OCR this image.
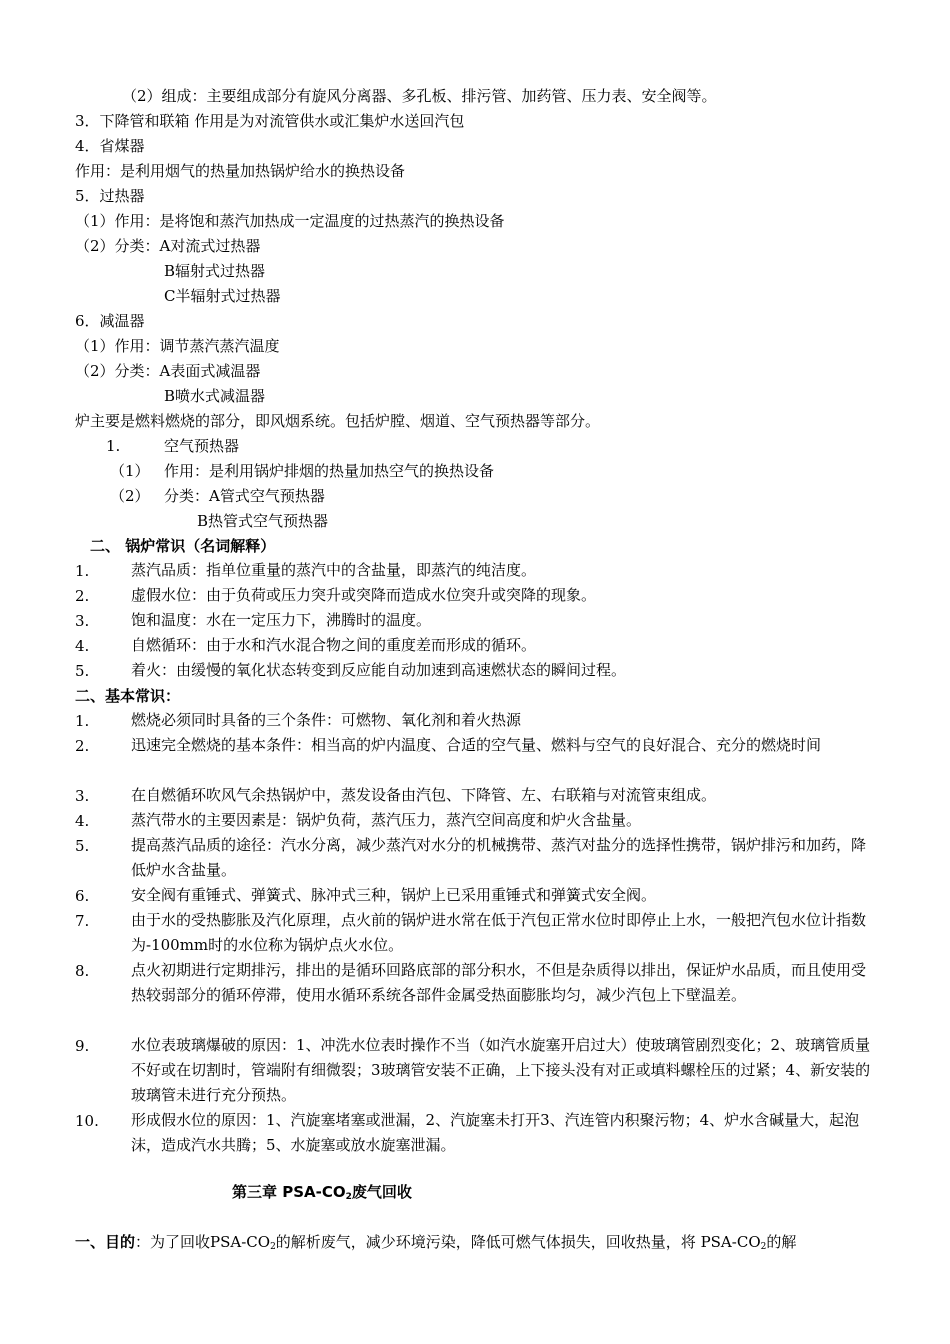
（2）组成：主要组成部分有旋风分离器、多孔板、排污管、加药管、压力表、安全阀等。
3．下降管和联箱 作用是为对流管供水或汇集炉水送回汽包
4．省煤器
作用：是利用烟气的热量加热锅炉给水的换热设备
5．过热器
（1）作用：是将饱和蒸汽加热成一定温度的过热蒸汽的换热设备
（2）分类：A对流式过热器
B辐射式过热器
C半辐射式过热器
6．减温器
（1）作用：调节蒸汽蒸汽温度
（2）分类：A表面式减温器
B喷水式减温器
炉主要是燃料燃烧的部分，即风烟系统。包括炉膛、烟道、空气预热器等部分。
1.	空气预热器
（1） 作用：是利用锅炉排烟的热量加热空气的换热设备
（2） 分类：A管式空气预热器
B热管式空气预热器
二、 锅炉常识（名词解释）
1.	蒸汽品质：指单位重量的蒸汽中的含盐量，即蒸汽的纯洁度。
2.	虚假水位：由于负荷或压力突升或突降而造成水位突升或突降的现象。
3.	饱和温度：水在一定压力下，沸腾时的温度。
4.	自燃循环：由于水和汽水混合物之间的重度差而形成的循环。
5.	着火：由缓慢的氧化状态转变到反应能自动加速到高速燃状态的瞬间过程。
二、基本常识：
1.	燃烧必须同时具备的三个条件：可燃物、氧化剂和着火热源
2.	迅速完全燃烧的基本条件：相当高的炉内温度、合适的空气量、燃料与空气的良好混合、充分的燃烧时间
3.	在自燃循环吹风气余热锅炉中，蒸发设备由汽包、下降管、左、右联箱与对流管束组成。
4.	蒸汽带水的主要因素是：锅炉负荷，蒸汽压力，蒸汽空间高度和炉火含盐量。
5.	提高蒸汽品质的途径：汽水分离，减少蒸汽对水分的机械携带、蒸汽对盐分的选择性携带，锅炉排污和加药，降低炉水含盐量。
6.	安全阀有重锤式、弹簧式、脉冲式三种，锅炉上已采用重锤式和弹簧式安全阀。
7.	由于水的受热膨胀及汽化原理，点火前的锅炉进水常在低于汽包正常水位时即停止上水，一般把汽包水位计指数为-100mm时的水位称为锅炉点火水位。
8.	点火初期进行定期排污，排出的是循环回路底部的部分积水，不但是杂质得以排出，保证炉水品质，而且使用受热较弱部分的循环停滞，使用水循环系统各部件金属受热面膨胀均匀，减少汽包上下壁温差。
9.	水位表玻璃爆破的原因：1、冲洗水位表时操作不当（如汽水旋塞开启过大）使玻璃管剧烈变化；2、玻璃管质量不好或在切割时，管端附有细微裂；3玻璃管安装不正确，上下接头没有对正或填料螺栓压的过紧；4、新安装的玻璃管未进行充分预热。
10. 形成假水位的原因：1、汽旋塞堵塞或泄漏，2、汽旋塞未打开3、汽连管内积聚污物；4、炉水含碱量大，起泡沫，造成汽水共腾；5、水旋塞或放水旋塞泄漏。
第三章 PSA-$CO_2$废气回收
一、目的：为了回收PSA-$CO_2$的解析废气，减少环境污染，降低可燃气体损失，回收热量，将 PSA-$CO_2$的解
